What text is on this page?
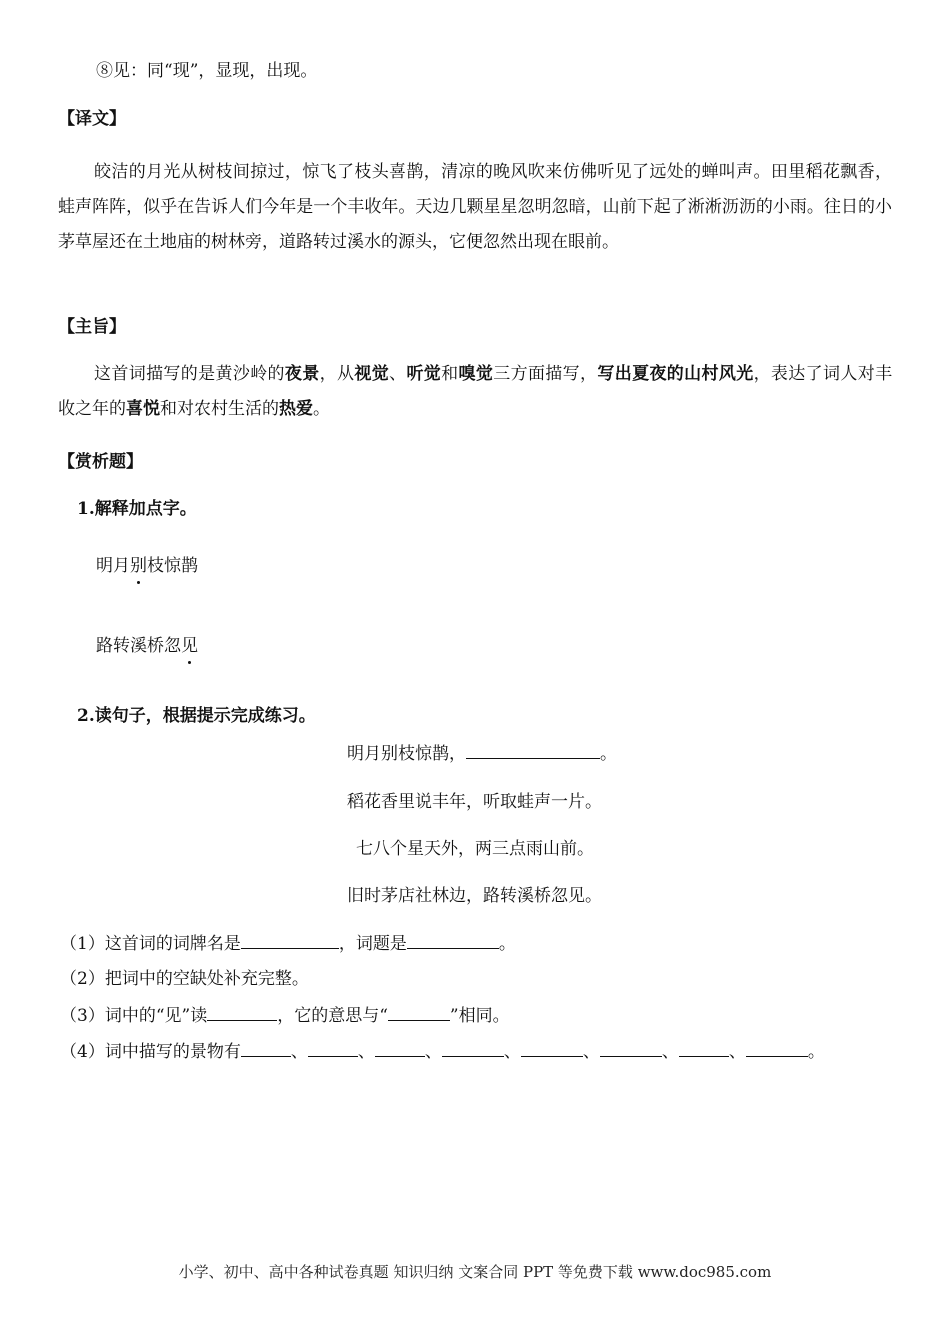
⑧见：同“现”，显现，出现。
【译文】
皎洁的月光从树枝间掠过，惊飞了枝头喜鹊，清凉的晚风吹来仿佛听见了远处的蝉叫声。田里稻花飘香，蛙声阵阵，似乎在告诉人们今年是一个丰收年。天边几颗星星忽明忽暗，山前下起了淅淅沥沥的小雨。往日的小茅草屋还在土地庙的树林旁，道路转过溪水的源头，它便忽然出现在眼前。
【主旨】
这首词描写的是黄沙岭的夜景，从视觉、听觉和嗅觉三方面描写，写出夏夜的山村风光，表达了词人对丰收之年的喜悦和对农村生活的热爱。
【赏析题】
1.解释加点字。
明月别枝惊鹊
路转溪桥忽见
2.读句子，根据提示完成练习。
明月别枝惊鹊，	。
稻花香里说丰年，听取蛙声一片。
七八个星天外，两三点雨山前。
旧时茅店社林边，路转溪桥忽见。
（1）这首词的词牌名是	，词题是	。
（2）把词中的空缺处补充完整。
（3）词中的“见”读	，它的意思与“	”相同。
（4）词中描写的景物有	、	、	、	、	、	、	、	。
小学、初中、高中各种试卷真题 知识归纳 文案合同 PPT 等免费下载 www.doc985.com
